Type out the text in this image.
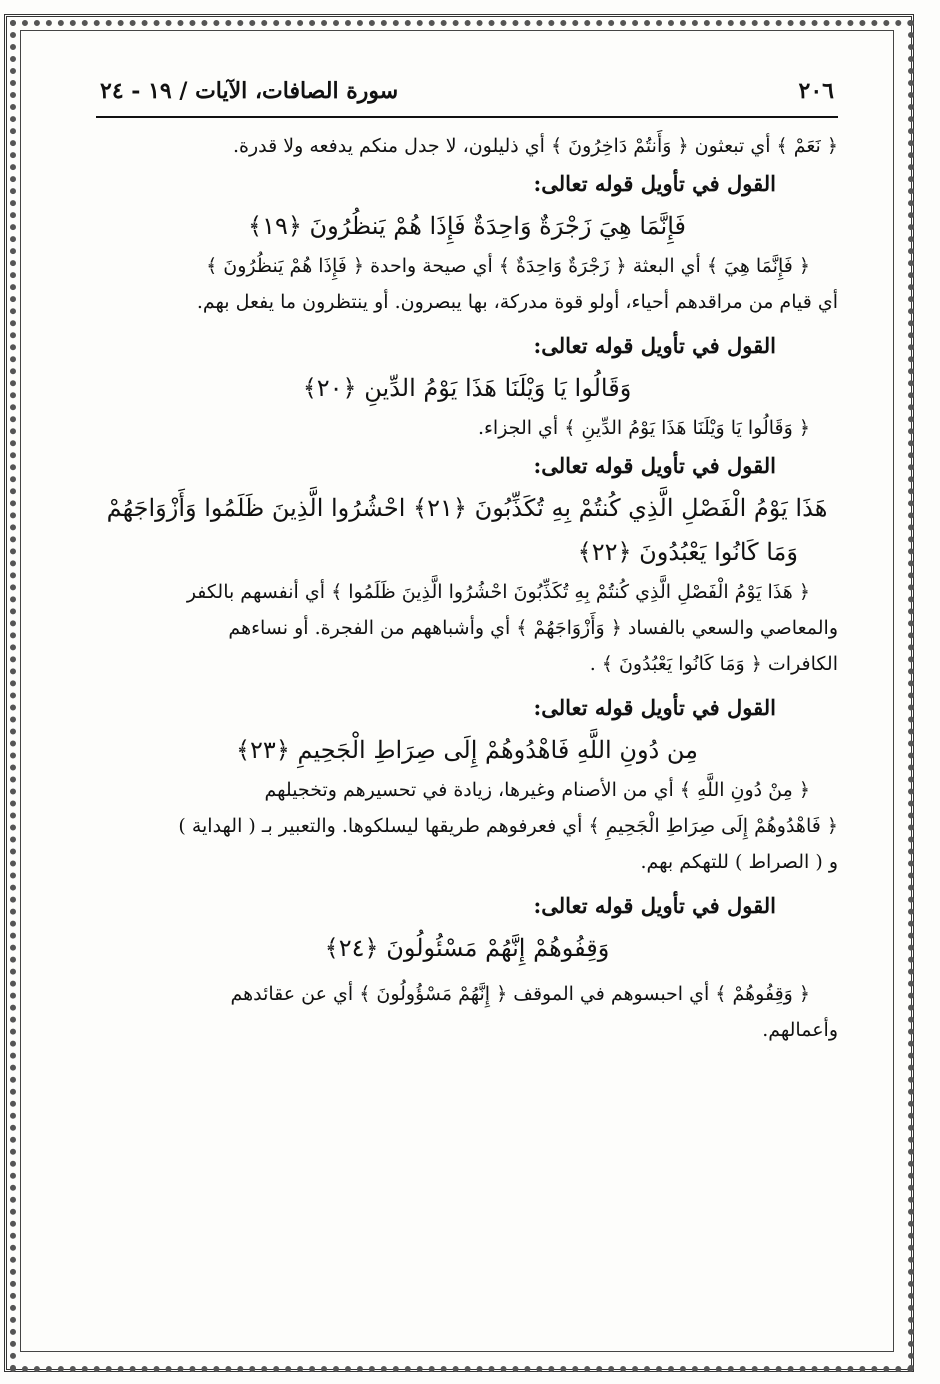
٢٠٦
سورة الصافات، الآيات / ١٩ - ٢٤

﴿ نَعَمْ ﴾ أي تبعثون ﴿ وَأَنتُمْ دَاخِرُونَ ﴾ أي ذليلون، لا جدل منكم يدفعه ولا قدرة.

القول في تأويل قوله تعالى:

فَإِنَّمَا هِيَ زَجْرَةٌ وَاحِدَةٌ فَإِذَا هُمْ يَنظُرُونَ ﴿١٩﴾

﴿ فَإِنَّمَا هِيَ ﴾ أي البعثة ﴿ زَجْرَةٌ وَاحِدَةٌ ﴾ أي صيحة واحدة ﴿ فَإِذَا هُمْ يَنظُرُونَ ﴾

أي قيام من مراقدهم أحياء، أولو قوة مدركة، بها يبصرون. أو ينتظرون ما يفعل بهم.

القول في تأويل قوله تعالى:

وَقَالُوا يَا وَيْلَنَا هَذَا يَوْمُ الدِّينِ ﴿٢٠﴾

﴿ وَقَالُوا يَا وَيْلَنَا هَذَا يَوْمُ الدِّينِ ﴾ أي الجزاء.

القول في تأويل قوله تعالى:

هَذَا يَوْمُ الْفَصْلِ الَّذِي كُنتُمْ بِهِ تُكَذِّبُونَ ﴿٢١﴾ احْشُرُوا الَّذِينَ ظَلَمُوا وَأَزْوَاجَهُمْ

وَمَا كَانُوا يَعْبُدُونَ ﴿٢٢﴾

﴿ هَذَا يَوْمُ الْفَصْلِ الَّذِي كُنتُمْ بِهِ تُكَذِّبُونَ احْشُرُوا الَّذِينَ ظَلَمُوا ﴾ أي أنفسهم بالكفر

والمعاصي والسعي بالفساد ﴿ وَأَزْوَاجَهُمْ ﴾ أي وأشباههم من الفجرة. أو نساءهم

الكافرات ﴿ وَمَا كَانُوا يَعْبُدُونَ ﴾ .

القول في تأويل قوله تعالى:

مِن دُونِ اللَّهِ فَاهْدُوهُمْ إِلَى صِرَاطِ الْجَحِيمِ ﴿٢٣﴾

﴿ مِنْ دُونِ اللَّهِ ﴾ أي من الأصنام وغيرها، زيادة في تحسيرهم وتخجيلهم

﴿ فَاهْدُوهُمْ إِلَى صِرَاطِ الْجَحِيمِ ﴾ أي فعرفوهم طريقها ليسلكوها. والتعبير بـ ( الهداية )

و ( الصراط ) للتهكم بهم.

القول في تأويل قوله تعالى:

وَقِفُوهُمْ إِنَّهُمْ مَسْئُولُونَ ﴿٢٤﴾

﴿ وَقِفُوهُمْ ﴾ أي احبسوهم في الموقف ﴿ إِنَّهُمْ مَسْؤُولُونَ ﴾ أي عن عقائدهم

وأعمالهم.
